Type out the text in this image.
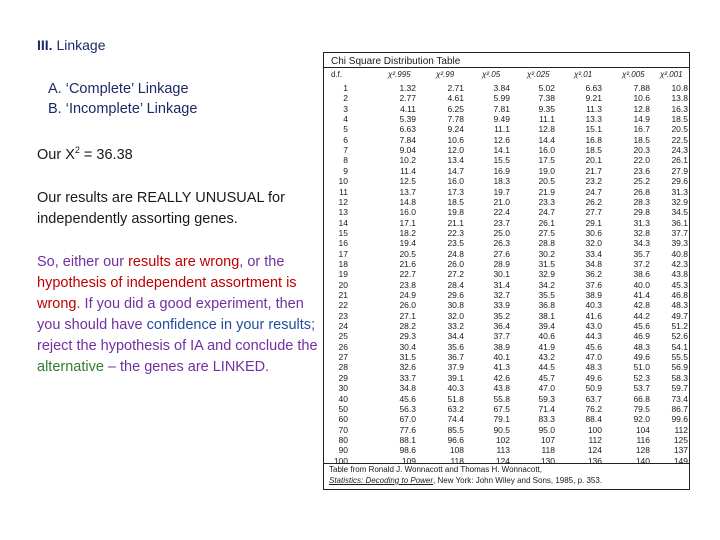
III. Linkage
A. ‘Complete’ Linkage
B. ‘Incomplete’ Linkage
Our $X^2 = 36.38$
Our results are REALLY UNUSUAL for independently assorting genes.
So, either our results are wrong, or the hypothesis of independent assortment is wrong. If you did a good experiment, then you should have confidence in your results; reject the hypothesis of IA and conclude the alternative – the genes are LINKED.
Chi Square Distribution Table
d.f.	χ².995	χ².99	χ².05	χ².025	χ².01	χ².005 χ².001
1	1.32	2.71	3.84	5.02	6.63	7.88	10.8
2	2.77	4.61	5.99	7.38	9.21	10.6	13.8
3	4.11	6.25	7.81	9.35	11.3	12.8	16.3
4	5.39	7.78	9.49	11.1	13.3	14.9	18.5
5	6.63	9.24	11.1	12.8	15.1	16.7	20.5
6	7.84	10.6	12.6	14.4	16.8	18.5	22.5
7	9.04	12.0	14.1	16.0	18.5	20.3	24.3
8	10.2	13.4	15.5	17.5	20.1	22.0	26.1
9	11.4	14.7	16.9	19.0	21.7	23.6	27.9
10	12.5	16.0	18.3	20.5	23.2	25.2	29.6
11	13.7	17.3	19.7	21.9	24.7	26.8	31.3
12	14.8	18.5	21.0	23.3	26.2	28.3	32.9
13	16.0	19.8	22.4	24.7	27.7	29.8	34.5
14	17.1	21.1	23.7	26.1	29.1	31.3	36.1
15	18.2	22.3	25.0	27.5	30.6	32.8	37.7
16	19.4	23.5	26.3	28.8	32.0	34.3	39.3
17	20.5	24.8	27.6	30.2	33.4	35.7	40.8
18	21.6	26.0	28.9	31.5	34.8	37.2	42.3
19	22.7	27.2	30.1	32.9	36.2	38.6	43.8
20	23.8	28.4	31.4	34.2	37.6	40.0	45.3
21	24.9	29.6	32.7	35.5	38.9	41.4	46.8
22	26.0	30.8	33.9	36.8	40.3	42.8	48.3
23	27.1	32.0	35.2	38.1	41.6	44.2	49.7
24	28.2	33.2	36.4	39.4	43.0	45.6	51.2
25	29.3	34.4	37.7	40.6	44.3	46.9	52.6
26	30.4	35.6	38.9	41.9	45.6	48.3	54.1
27	31.5	36.7	40.1	43.2	47.0	49.6	55.5
28	32.6	37.9	41.3	44.5	48.3	51.0	56.9
29	33.7	39.1	42.6	45.7	49.6	52.3	58.3
30	34.8	40.3	43.8	47.0	50.9	53.7	59.7
40	45.6	51.8	55.8	59.3	63.7	66.8	73.4
50	56.3	63.2	67.5	71.4	76.2	79.5	86.7
60	67.0	74.4	79.1	83.3	88.4	92.0	99.6
70	77.6	85.5	90.5	95.0	100	104	112
80	88.1	96.6	102	107	112	116	125
90	98.6	108	113	118	124	128	137
100	109	118	124	130	136	140	149
Table from Ronald J. Wonnacott and Thomas H. Wonnacott,
Statistics: Decoding to Power, New York: John Wiley and Sons, 1985, p. 353.
